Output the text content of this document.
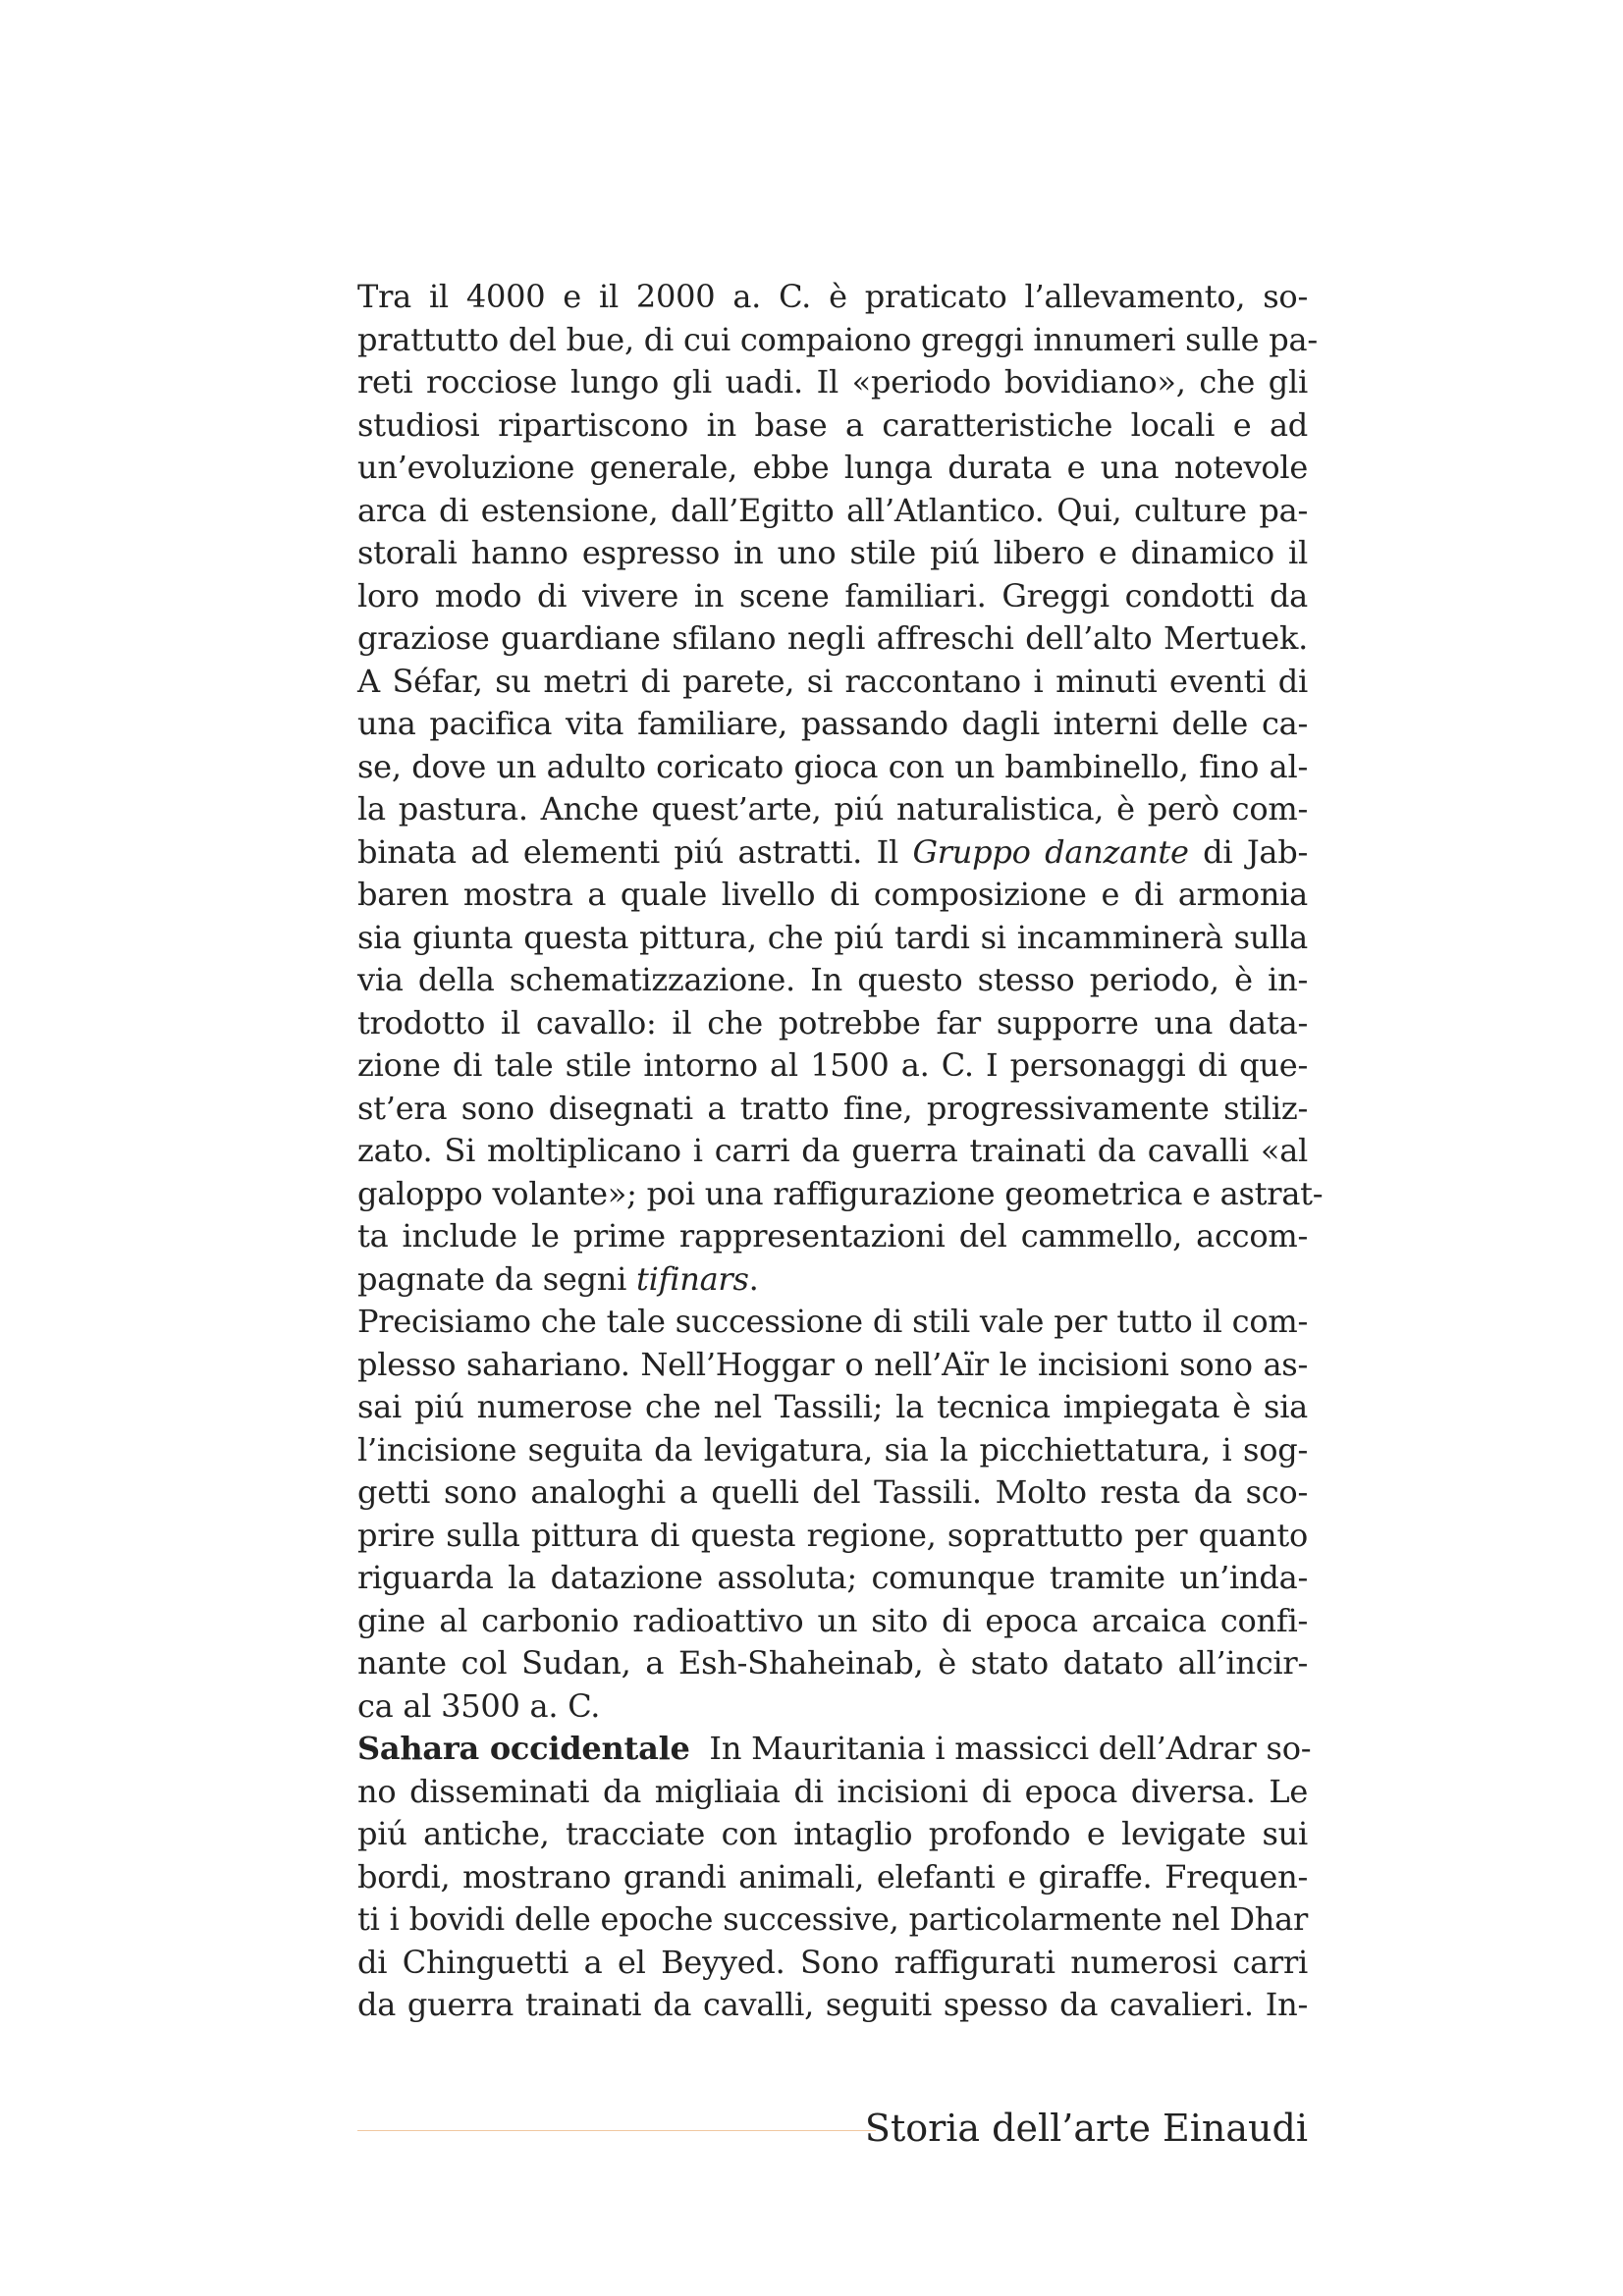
Tra il 4000 e il 2000 a. C. è praticato l’allevamento, so-
prattutto del bue, di cui compaiono greggi innumeri sulle pa-
reti rocciose lungo gli uadi. Il «periodo bovidiano», che gli
studiosi ripartiscono in base a caratteristiche locali e ad
un’evoluzione generale, ebbe lunga durata e una notevole
arca di estensione, dall’Egitto all’Atlantico. Qui, culture pa-
storali hanno espresso in uno stile piú libero e dinamico il
loro modo di vivere in scene familiari. Greggi condotti da
graziose guardiane sfilano negli affreschi dell’alto Mertuek.
A Séfar, su metri di parete, si raccontano i minuti eventi di
una pacifica vita familiare, passando dagli interni delle ca-
se, dove un adulto coricato gioca con un bambinello, fino al-
la pastura. Anche quest’arte, piú naturalistica, è però com-
binata ad elementi piú astratti. Il Gruppo danzante di Jab-
baren mostra a quale livello di composizione e di armonia
sia giunta questa pittura, che piú tardi si incamminerà sulla
via della schematizzazione. In questo stesso periodo, è in-
trodotto il cavallo: il che potrebbe far supporre una data-
zione di tale stile intorno al 1500 a. C. I personaggi di que-
st’era sono disegnati a tratto fine, progressivamente stiliz-
zato. Si moltiplicano i carri da guerra trainati da cavalli «al
galoppo volante»; poi una raffigurazione geometrica e astrat-
ta include le prime rappresentazioni del cammello, accom-
pagnate da segni tifinars.
Precisiamo che tale successione di stili vale per tutto il com-
plesso sahariano. Nell’Hoggar o nell’Aïr le incisioni sono as-
sai piú numerose che nel Tassili; la tecnica impiegata è sia
l’incisione seguita da levigatura, sia la picchiettatura, i sog-
getti sono analoghi a quelli del Tassili. Molto resta da sco-
prire sulla pittura di questa regione, soprattutto per quanto
riguarda la datazione assoluta; comunque tramite un’inda-
gine al carbonio radioattivo un sito di epoca arcaica confi-
nante col Sudan, a Esh-Shaheinab, è stato datato all’incir-
ca al 3500 a. C.
Sahara occidentale  In Mauritania i massicci dell’Adrar so-
no disseminati da migliaia di incisioni di epoca diversa. Le
piú antiche, tracciate con intaglio profondo e levigate sui
bordi, mostrano grandi animali, elefanti e giraffe. Frequen-
ti i bovidi delle epoche successive, particolarmente nel Dhar
di Chinguetti a el Beyyed. Sono raffigurati numerosi carri
da guerra trainati da cavalli, seguiti spesso da cavalieri. In-
Storia dell’arte Einaudi
